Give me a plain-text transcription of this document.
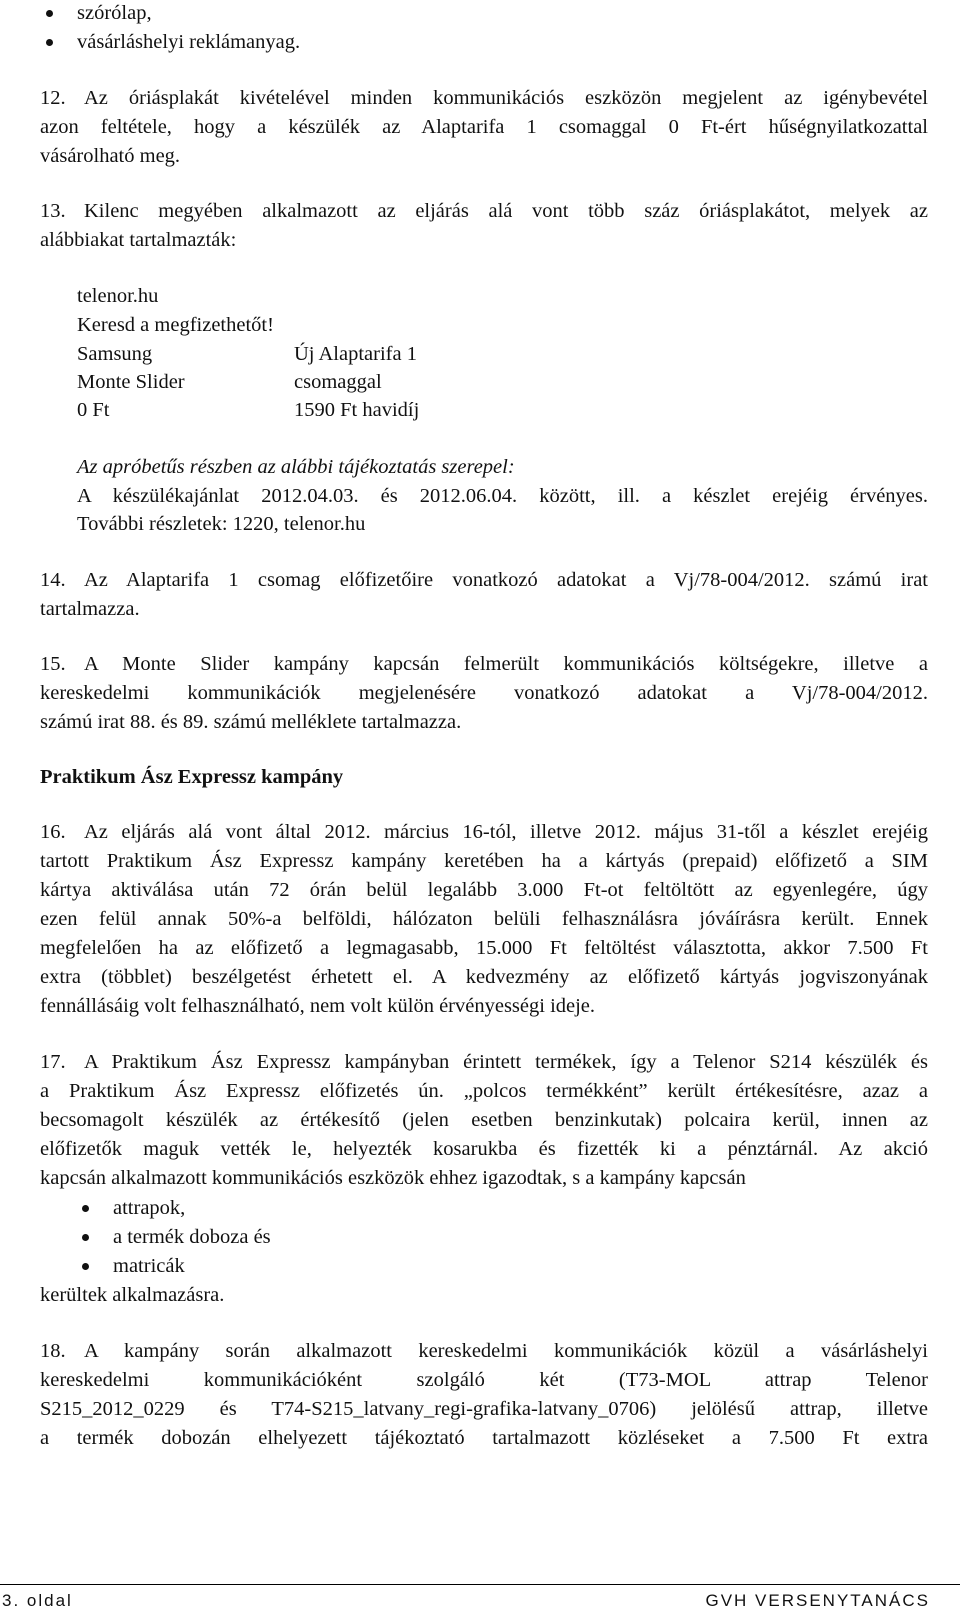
szórólap,
vásárláshelyi reklámanyag.
12. Az óriásplakát kivételével minden kommunikációs eszközön megjelent az igénybevétel
azon feltétele, hogy a készülék az Alaptarifa 1 csomaggal 0 Ft-ért hűségnyilatkozattal
vásárolható meg.
13. Kilenc megyében alkalmazott az eljárás alá vont több száz óriásplakátot, melyek az
alábbiakat tartalmazták:
telenor.hu
Keresd a megfizethetőt!
Samsung	Új Alaptarifa 1
Monte Slider	csomaggal
0 Ft	1590 Ft havidíj
Az apróbetűs részben az alábbi tájékoztatás szerepel:
A készülékajánlat 2012.04.03. és 2012.06.04. között, ill. a készlet erejéig érvényes.
További részletek: 1220, telenor.hu
14. Az Alaptarifa 1 csomag előfizetőire vonatkozó adatokat a Vj/78-004/2012. számú irat
tartalmazza.
15. A Monte Slider kampány kapcsán felmerült kommunikációs költségekre, illetve a
kereskedelmi kommunikációk megjelenésére vonatkozó adatokat a Vj/78-004/2012.
számú irat 88. és 89. számú melléklete tartalmazza.
Praktikum Ász Expressz kampány
16. Az eljárás alá vont által 2012. március 16-tól, illetve 2012. május 31-től a készlet erejéig
tartott Praktikum Ász Expressz kampány keretében ha a kártyás (prepaid) előfizető a SIM
kártya aktiválása után 72 órán belül legalább 3.000 Ft-ot feltöltött az egyenlegére, úgy
ezen felül annak 50%-a belföldi, hálózaton belüli felhasználásra jóváírásra került. Ennek
megfelelően ha az előfizető a legmagasabb, 15.000 Ft feltöltést választotta, akkor 7.500 Ft
extra (többlet) beszélgetést érhetett el. A kedvezmény az előfizető kártyás jogviszonyának
fennállásáig volt felhasználható, nem volt külön érvényességi ideje.
17. A Praktikum Ász Expressz kampányban érintett termékek, így a Telenor S214 készülék és
a Praktikum Ász Expressz előfizetés ún. „polcos termékként” került értékesítésre, azaz a
becsomagolt készülék az értékesítő (jelen esetben benzinkutak) polcaira kerül, innen az
előfizetők maguk vették le, helyezték kosarukba és fizették ki a pénztárnál. Az akció
kapcsán alkalmazott kommunikációs eszközök ehhez igazodtak, s a kampány kapcsán
attrapok,
a termék doboza és
matricák
kerültek alkalmazásra.
18. A kampány során alkalmazott kereskedelmi kommunikációk közül a vásárláshelyi
kereskedelmi kommunikációként szolgáló két (T73-MOL attrap Telenor
S215_2012_0229 és T74-S215_latvany_regi-grafika-latvany_0706) jelölésű attrap, illetve
a termék dobozán elhelyezett tájékoztató tartalmazott közléseket a 7.500 Ft extra
3. oldal	GVH VERSENYTANÁCS
